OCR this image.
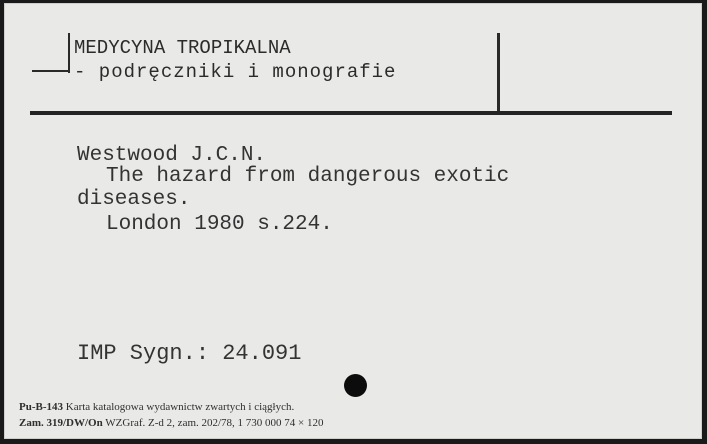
MEDYCYNA TROPIKALNA
- podręczniki i monografie
Westwood J.C.N.
The hazard from dangerous exotic
diseases.
London 1980 s.224.
IMP Sygn.: 24.091
Pu-B-143 Karta katalogowa wydawnictw zwartych i ciągłych.
Zam. 319/DW/On WZGraf. Z-d 2, zam. 202/78, 1 730 000 74 × 120
